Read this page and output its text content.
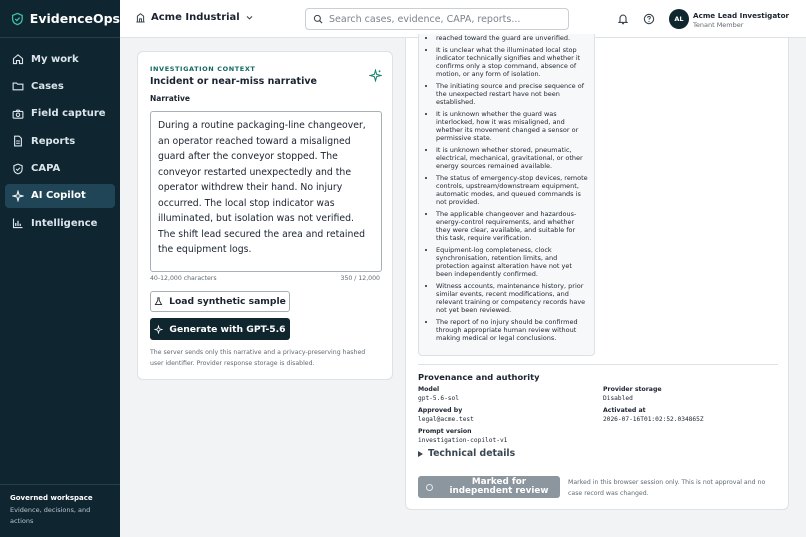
EvidenceOps
My work
Cases
Field capture
Reports
CAPA
AI Copilot
Intelligence
Governed workspace
Evidence, decisions, and actions
Acme Industrial
Search cases, evidence, CAPA, reports...	AL	Acme Lead Investigator
Tenant Member
INVESTIGATION CONTEXT
Incident or near-miss narrative
Narrative
During a routine packaging-line changeover, an operator reached toward a misaligned guard after the conveyor stopped. The conveyor restarted unexpectedly and the operator withdrew their hand. No injury occurred. The local stop indicator was illuminated, but isolation was not verified. The shift lead secured the area and retained the equipment logs.
40-12,000 characters	350 / 12,000
Load synthetic sample
Generate with GPT-5.6
The server sends only this narrative and a privacy-preserving hashed user identifier. Provider response storage is disabled.
• reached toward the guard are unverified.
• It is unclear what the illuminated local stop indicator technically signifies and whether it confirms only a stop command, absence of motion, or any form of isolation.
• The initiating source and precise sequence of the unexpected restart have not been established.
• It is unknown whether the guard was interlocked, how it was misaligned, and whether its movement changed a sensor or permissive state.
• It is unknown whether stored, pneumatic, electrical, mechanical, gravitational, or other energy sources remained available.
• The status of emergency-stop devices, remote controls, upstream/downstream equipment, automatic modes, and queued commands is not provided.
• The applicable changeover and hazardous-energy-control requirements, and whether they were clear, available, and suitable for this task, require verification.
• Equipment-log completeness, clock synchronisation, retention limits, and protection against alteration have not yet been independently confirmed.
• Witness accounts, maintenance history, prior similar events, recent modifications, and relevant training or competency records have not yet been reviewed.
• The report of no injury should be confirmed through appropriate human review without making medical or legal conclusions.
Provenance and authority
Model
gpt-5.6-sol
Provider storage
Disabled
Approved by
legal@acme.test
Activated at
2026-07-16T01:02:52.034865Z
Prompt version
investigation-copilot-v1
Technical details
Marked for independent review
Marked in this browser session only. This is not approval and no case record was changed.
